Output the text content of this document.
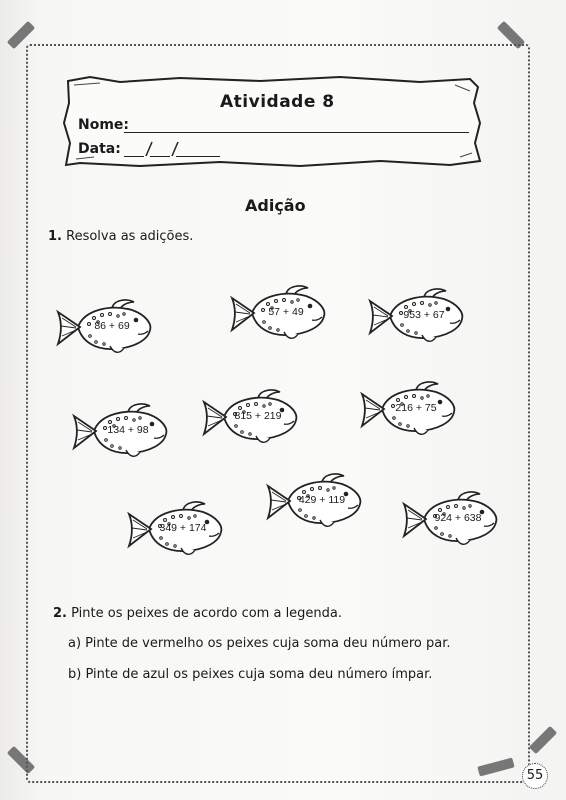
Atividade 8
Nome:
Data:
Adição
1. Resolva as adições.
86 + 69
57 + 49	953 + 67
134 + 98
815 + 219
216 + 75
429 + 119
349 + 174
924 + 638
2. Pinte os peixes de acordo com a legenda.
a) Pinte de vermelho os peixes cuja soma deu número par.
b) Pinte de azul os peixes cuja soma deu número ímpar.
55
